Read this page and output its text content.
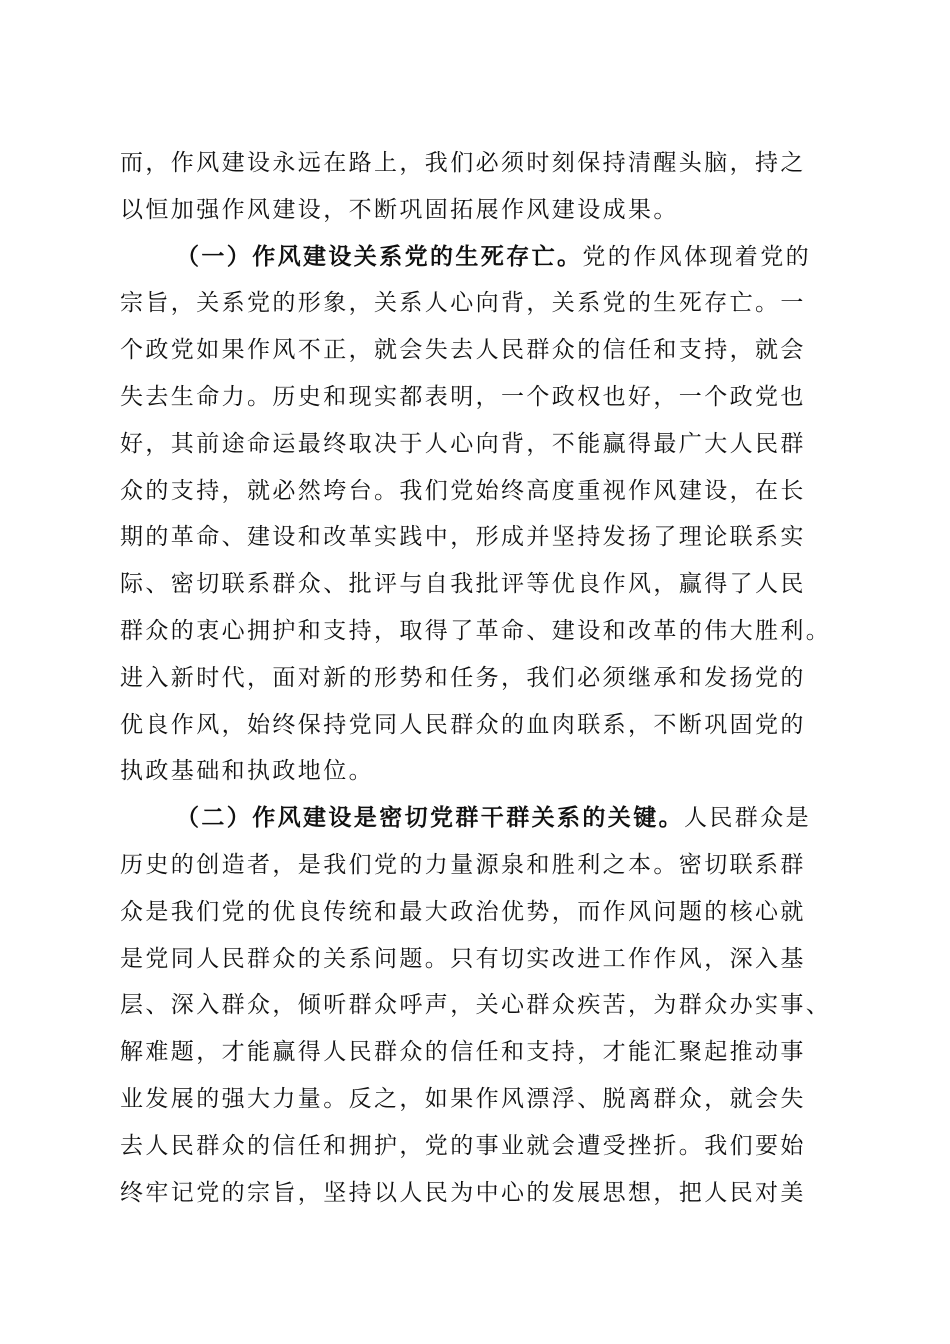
而，作风建设永远在路上，我们必须时刻保持清醒头脑，持之
以恒加强作风建设，不断巩固拓展作风建设成果。
（一）作风建设关系党的生死存亡。党的作风体现着党的
宗旨，关系党的形象，关系人心向背，关系党的生死存亡。一
个政党如果作风不正，就会失去人民群众的信任和支持，就会
失去生命力。历史和现实都表明，一个政权也好，一个政党也
好，其前途命运最终取决于人心向背，不能赢得最广大人民群
众的支持，就必然垮台。我们党始终高度重视作风建设，在长
期的革命、建设和改革实践中，形成并坚持发扬了理论联系实
际、密切联系群众、批评与自我批评等优良作风，赢得了人民
群众的衷心拥护和支持，取得了革命、建设和改革的伟大胜利。
进入新时代，面对新的形势和任务，我们必须继承和发扬党的
优良作风，始终保持党同人民群众的血肉联系，不断巩固党的
执政基础和执政地位。
（二）作风建设是密切党群干群关系的关键。人民群众是
历史的创造者，是我们党的力量源泉和胜利之本。密切联系群
众是我们党的优良传统和最大政治优势，而作风问题的核心就
是党同人民群众的关系问题。只有切实改进工作作风，深入基
层、深入群众，倾听群众呼声，关心群众疾苦，为群众办实事、
解难题，才能赢得人民群众的信任和支持，才能汇聚起推动事
业发展的强大力量。反之，如果作风漂浮、脱离群众，就会失
去人民群众的信任和拥护，党的事业就会遭受挫折。我们要始
终牢记党的宗旨，坚持以人民为中心的发展思想，把人民对美
